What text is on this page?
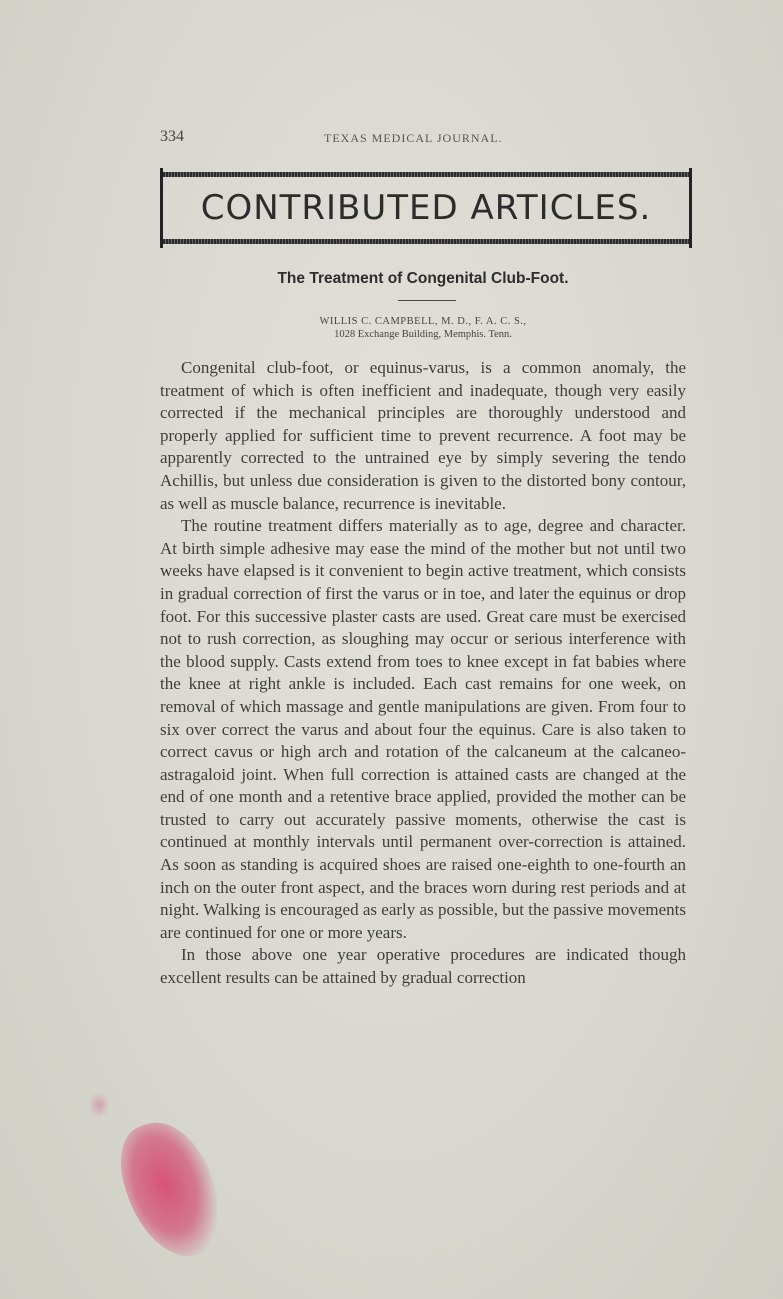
334	TEXAS MEDICAL JOURNAL.
CONTRIBUTED ARTICLES.
The Treatment of Congenital Club-Foot.
WILLIS C. CAMPBELL, M. D., F. A. C. S.,
1028 Exchange Building, Memphis. Tenn.

Congenital club-foot, or equinus-varus, is a common anomaly, the treatment of which is often inefficient and inadequate, though very easily corrected if the mechanical principles are thoroughly understood and properly applied for sufficient time to prevent recurrence. A foot may be apparently corrected to the untrained eye by simply severing the tendo Achillis, but unless due consideration is given to the distorted bony contour, as well as muscle balance, recurrence is inevitable.

The routine treatment differs materially as to age, degree and character. At birth simple adhesive may ease the mind of the mother but not until two weeks have elapsed is it convenient to begin active treatment, which consists in gradual correction of first the varus or in toe, and later the equinus or drop foot. For this successive plaster casts are used. Great care must be exercised not to rush correction, as sloughing may occur or serious interference with the blood supply. Casts extend from toes to knee except in fat babies where the knee at right ankle is included. Each cast remains for one week, on removal of which massage and gentle manipulations are given. From four to six over correct the varus and about four the equinus. Care is also taken to correct cavus or high arch and rotation of the calcaneum at the calcaneo-astragaloid joint. When full correction is attained casts are changed at the end of one month and a retentive brace applied, provided the mother can be trusted to carry out accurately passive moments, otherwise the cast is continued at monthly intervals until permanent over-correction is attained. As soon as standing is acquired shoes are raised one-eighth to one-fourth an inch on the outer front aspect, and the braces worn during rest periods and at night. Walking is encouraged as early as possible, but the passive movements are continued for one or more years.

In those above one year operative procedures are indicated though excellent results can be attained by gradual correction
